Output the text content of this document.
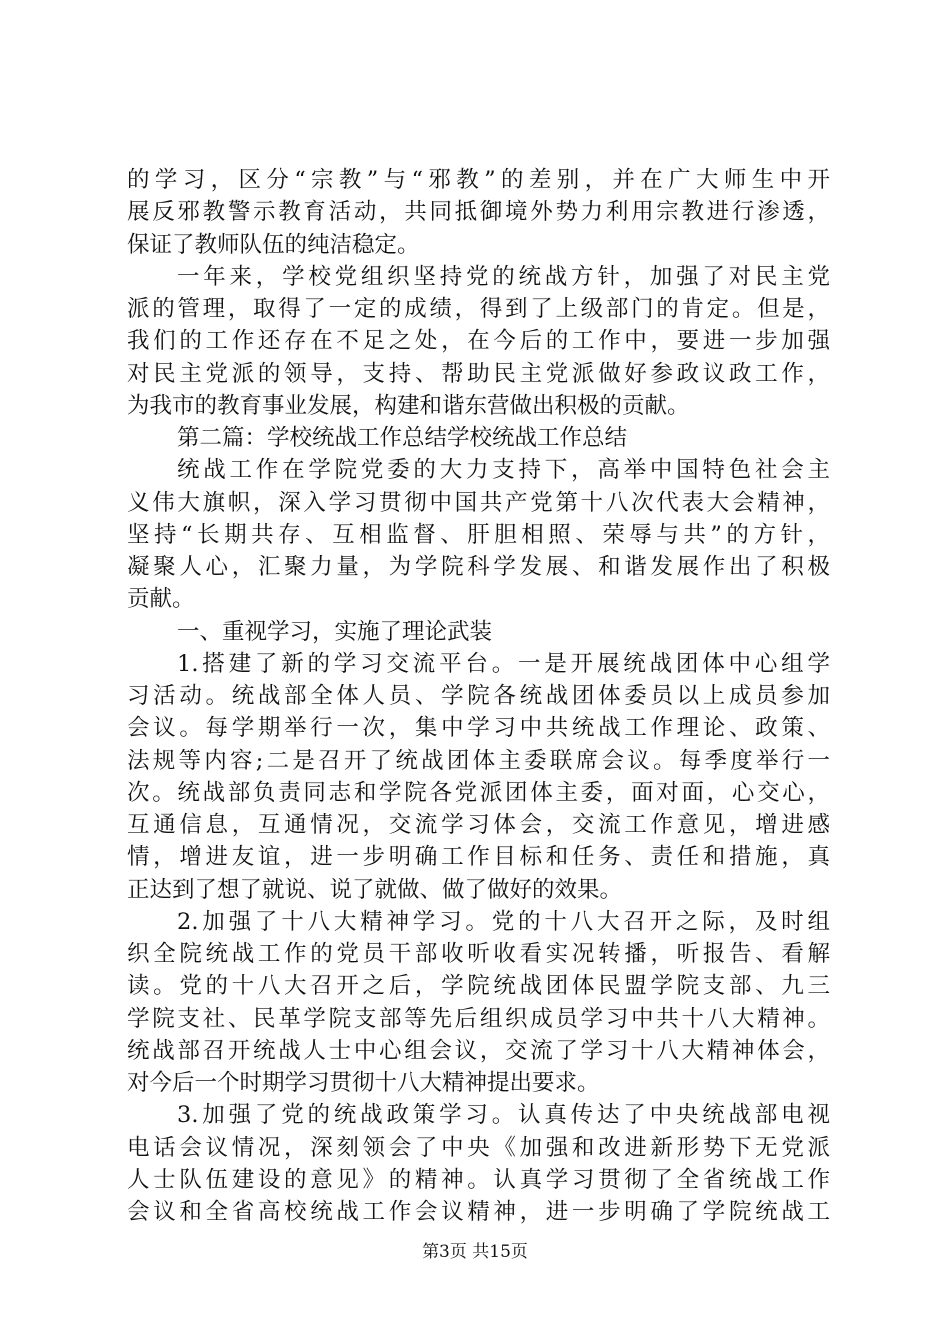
的学习，区分“宗教”与“邪教”的差别，并在广大师生中开
展反邪教警示教育活动，共同抵御境外势力利用宗教进行渗透，
保证了教师队伍的纯洁稳定。
一年来，学校党组织坚持党的统战方针，加强了对民主党
派的管理，取得了一定的成绩，得到了上级部门的肯定。但是，
我们的工作还存在不足之处，在今后的工作中，要进一步加强
对民主党派的领导，支持、帮助民主党派做好参政议政工作，
为我市的教育事业发展，构建和谐东营做出积极的贡献。
第二篇：学校统战工作总结学校统战工作总结
统战工作在学院党委的大力支持下，高举中国特色社会主
义伟大旗帜，深入学习贯彻中国共产党第十八次代表大会精神，
坚持“长期共存、互相监督、肝胆相照、荣辱与共”的方针，
凝聚人心，汇聚力量，为学院科学发展、和谐发展作出了积极
贡献。
一、重视学习，实施了理论武装
1.搭建了新的学习交流平台。一是开展统战团体中心组学
习活动。统战部全体人员、学院各统战团体委员以上成员参加
会议。每学期举行一次，集中学习中共统战工作理论、政策、
法规等内容;二是召开了统战团体主委联席会议。每季度举行一
次。统战部负责同志和学院各党派团体主委，面对面，心交心，
互通信息，互通情况，交流学习体会，交流工作意见，增进感
情，增进友谊，进一步明确工作目标和任务、责任和措施，真
正达到了想了就说、说了就做、做了做好的效果。
2.加强了十八大精神学习。党的十八大召开之际，及时组
织全院统战工作的党员干部收听收看实况转播，听报告、看解
读。党的十八大召开之后，学院统战团体民盟学院支部、九三
学院支社、民革学院支部等先后组织成员学习中共十八大精神。
统战部召开统战人士中心组会议，交流了学习十八大精神体会，
对今后一个时期学习贯彻十八大精神提出要求。
3.加强了党的统战政策学习。认真传达了中央统战部电视
电话会议情况，深刻领会了中央《加强和改进新形势下无党派
人士队伍建设的意见》的精神。认真学习贯彻了全省统战工作
会议和全省高校统战工作会议精神，进一步明确了学院统战工
第3页 共15页
